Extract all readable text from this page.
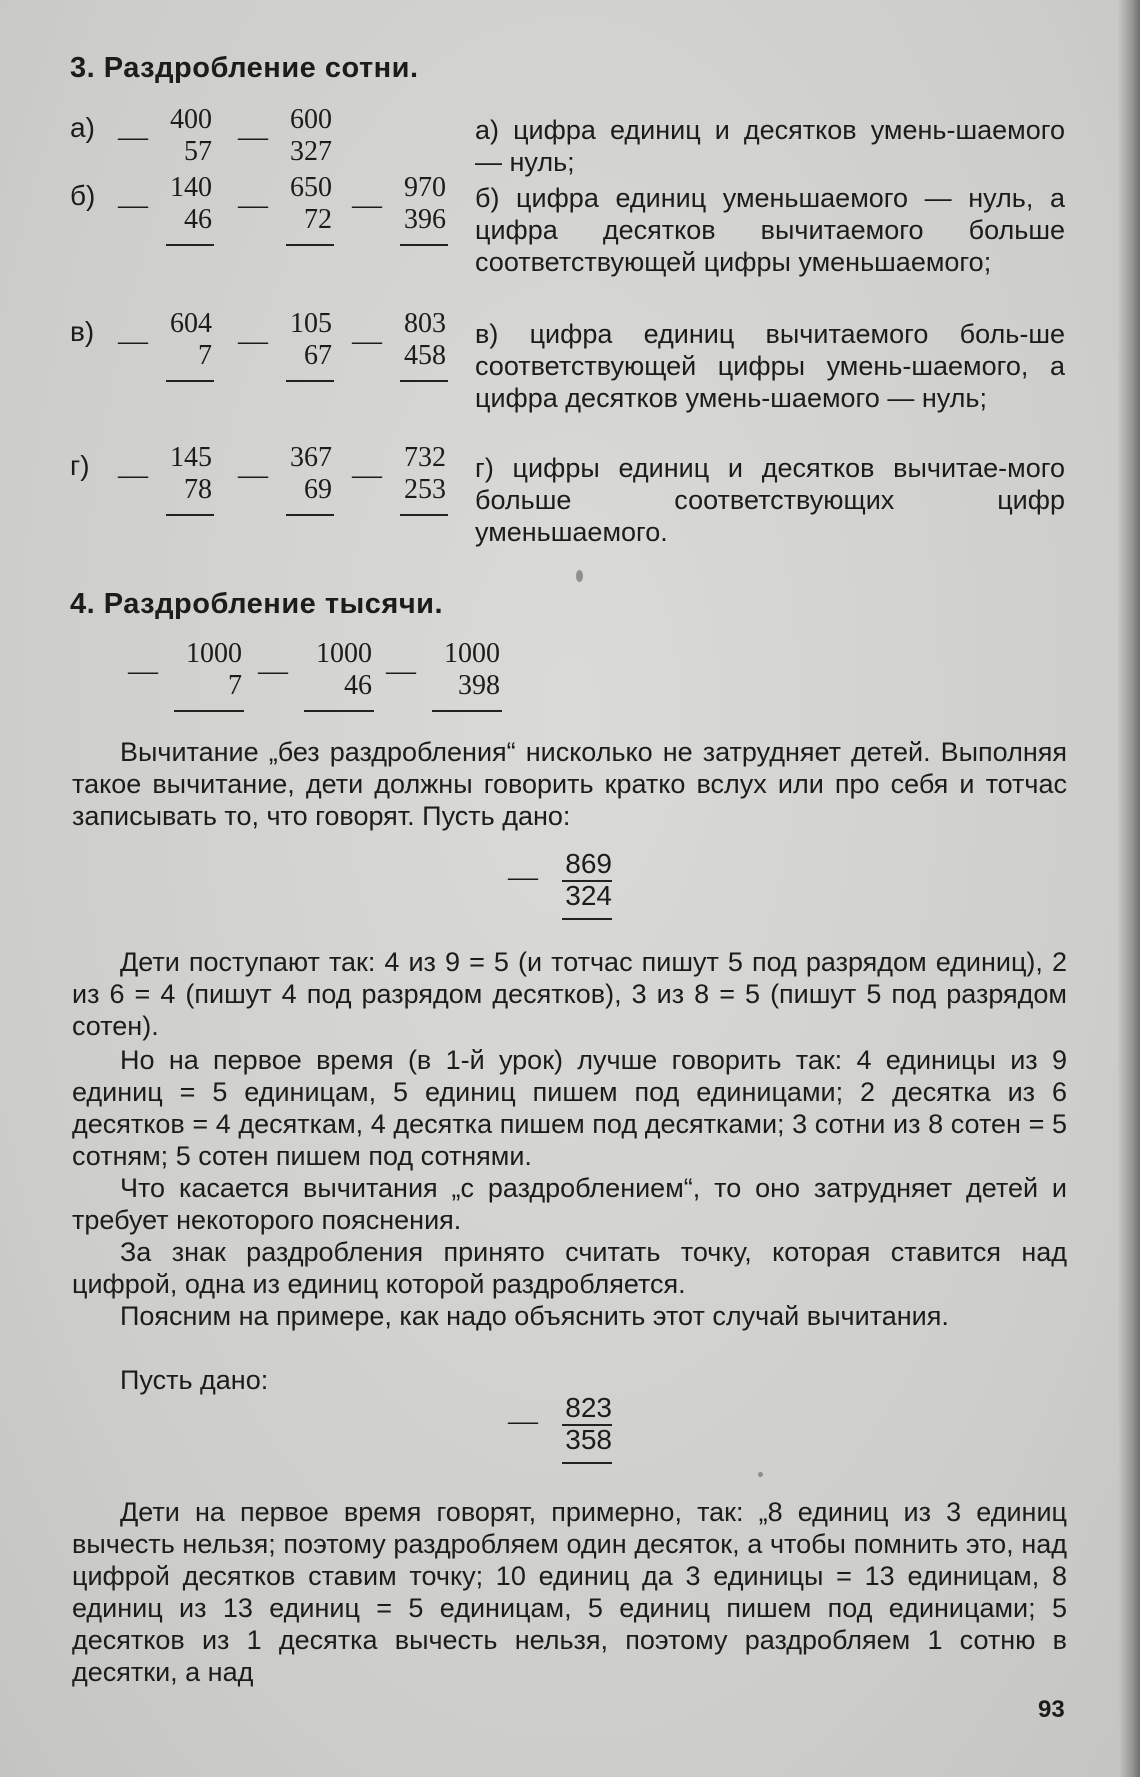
3. Раздробление сотни.
а) —
400
57 —
600
327
а) цифра единиц и десятков умень-шаемого — нуль;
б) —
140
46 —
650
72 —
970
396
б) цифра единиц уменьшаемого — нуль, а цифра десятков вычитаемого больше соответствующей цифры уменьшаемого;
в) —
604
7 —
105
67 —
803
458
в) цифра единиц вычитаемого боль-ше соответствующей цифры умень-шаемого, а цифра десятков умень-шаемого — нуль;
г) —
145
78 —
367
69 —
732
253
г) цифры единиц и десятков вычитае-мого больше соответствующих цифр уменьшаемого.
4. Раздробление тысячи.
—
1000
7 —
1000
46 —
1000
398
Вычитание „без раздробления“ нисколько не затрудняет детей. Выполняя такое вычитание, дети должны говорить кратко вслух или про себя и тотчас записывать то, что говорят. Пусть дано:
— 869
324
Дети поступают так: 4 из 9 = 5 (и тотчас пишут 5 под разрядом единиц), 2 из 6 = 4 (пишут 4 под разрядом десятков), 3 из 8 = 5 (пишут 5 под разрядом сотен).
Но на первое время (в 1-й урок) лучше говорить так: 4 единицы из 9 единиц = 5 единицам, 5 единиц пишем под единицами; 2 десятка из 6 десятков = 4 десяткам, 4 десятка пишем под десятками; 3 сотни из 8 сотен = 5 сотням; 5 сотен пишем под сотнями.
Что касается вычитания „с раздроблением“, то оно затрудняет детей и требует некоторого пояснения.
За знак раздробления принято считать точку, которая ставится над цифрой, одна из единиц которой раздробляется.
Поясним на примере, как надо объяснить этот случай вычитания.
Пусть дано:
— 823
358
Дети на первое время говорят, примерно, так: „8 единиц из 3 единиц вычесть нельзя; поэтому раздробляем один десяток, а чтобы помнить это, над цифрой десятков ставим точку; 10 единиц да 3 единицы = 13 единицам, 8 единиц из 13 единиц = 5 единицам, 5 единиц пишем под единицами; 5 десятков из 1 десятка вычесть нельзя, поэтому раздробляем 1 сотню в десятки, а над
93
